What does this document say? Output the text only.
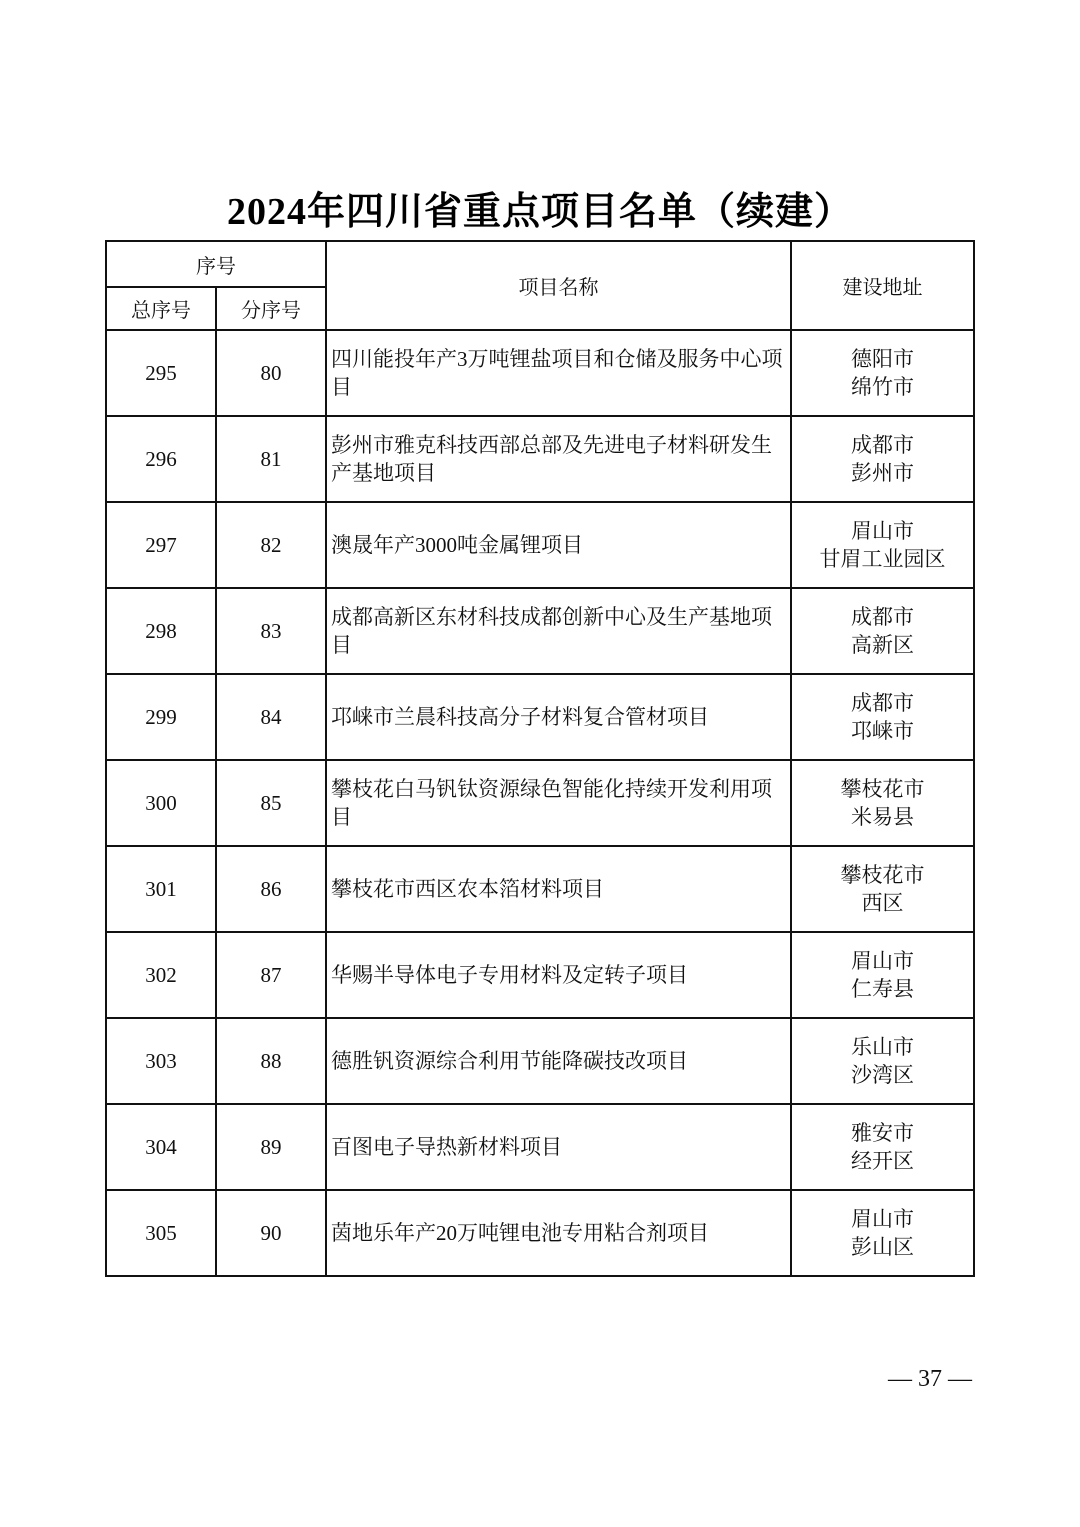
2024年四川省重点项目名单（续建）
序号		项目名称	建设地址
总序号	分序号		
295	80	四川能投年产3万吨锂盐项目和仓储及服务中心项目	德阳市
绵竹市

296	81	彭州市雅克科技西部总部及先进电子材料研发生产基地项目	成都市
彭州市

297	82	澳晟年产3000吨金属锂项目	眉山市
甘眉工业园区

298	83	成都高新区东材科技成都创新中心及生产基地项目	成都市
高新区

299	84	邛崃市兰晨科技高分子材料复合管材项目	成都市
邛崃市

300	85	攀枝花白马钒钛资源绿色智能化持续开发利用项目	攀枝花市
米易县

301	86	攀枝花市西区农本箔材料项目	攀枝花市
西区

302	87	华赐半导体电子专用材料及定转子项目	眉山市
仁寿县

303	88	德胜钒资源综合利用节能降碳技改项目	乐山市
沙湾区

304	89	百图电子导热新材料项目	雅安市
经开区

305	90	茵地乐年产20万吨锂电池专用粘合剂项目	眉山市
彭山区
— 37 —
